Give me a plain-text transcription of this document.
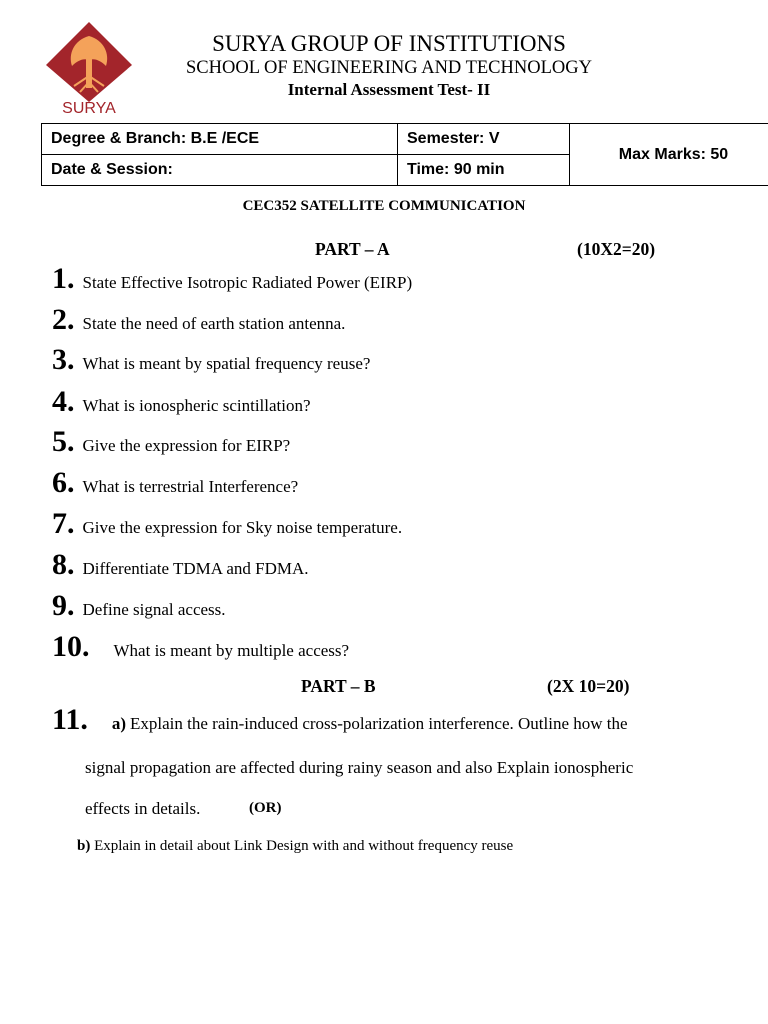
SURYA
SURYA GROUP OF INSTITUTIONS
SCHOOL OF ENGINEERING AND TECHNOLOGY
Internal Assessment Test- II
Degree & Branch: B.E /ECE	Semester: V	Max Marks: 50
Date & Session:	Time: 90 min	
CEC352 SATELLITE COMMUNICATION
PART – A	(10X2=20)
1. State Effective Isotropic Radiated Power (EIRP)
2. State the need of earth station antenna.
3. What is meant by spatial frequency reuse?
4. What is ionospheric scintillation?
5. Give the expression for EIRP?
6. What is terrestrial Interference?
7. Give the expression for Sky noise temperature.
8. Differentiate TDMA and FDMA.
9. Define signal access.
10. What is meant by multiple access?
PART – B	(2X 10=20)
11. a) Explain the rain-induced cross-polarization interference. Outline how the
signal propagation are affected during rainy season and also Explain ionospheric
effects in details.	(OR)
b) Explain in detail about Link Design with and without frequency reuse
